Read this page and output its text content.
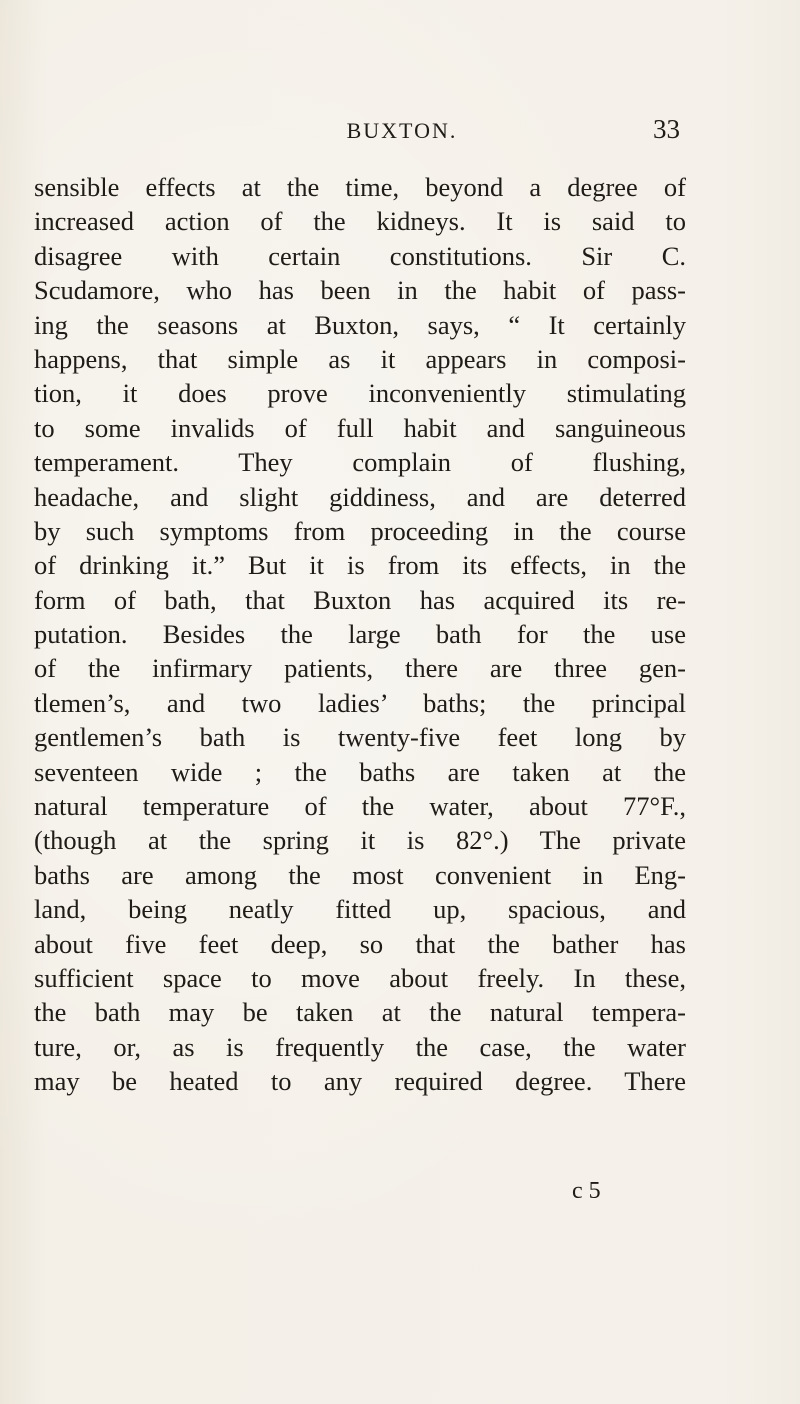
BUXTON.	33
sensible effects at the time, beyond a degree of
increased action of the kidneys. It is said to
disagree with certain constitutions. Sir C.
Scudamore, who has been in the habit of pass-
ing the seasons at Buxton, says, “ It certainly
happens, that simple as it appears in composi-
tion, it does prove inconveniently stimulating
to some invalids of full habit and sanguineous
temperament. They complain of flushing,
headache, and slight giddiness, and are deterred
by such symptoms from proceeding in the course
of drinking it.” But it is from its effects, in the
form of bath, that Buxton has acquired its re-
putation. Besides the large bath for the use
of the infirmary patients, there are three gen-
tlemen’s, and two ladies’ baths; the principal
gentlemen’s bath is twenty-five feet long by
seventeen wide ; the baths are taken at the
natural temperature of the water, about 77°F.,
(though at the spring it is 82°.) The private
baths are among the most convenient in Eng-
land, being neatly fitted up, spacious, and
about five feet deep, so that the bather has
sufficient space to move about freely. In these,
the bath may be taken at the natural tempera-
ture, or, as is frequently the case, the water
may be heated to any required degree. There
c 5
